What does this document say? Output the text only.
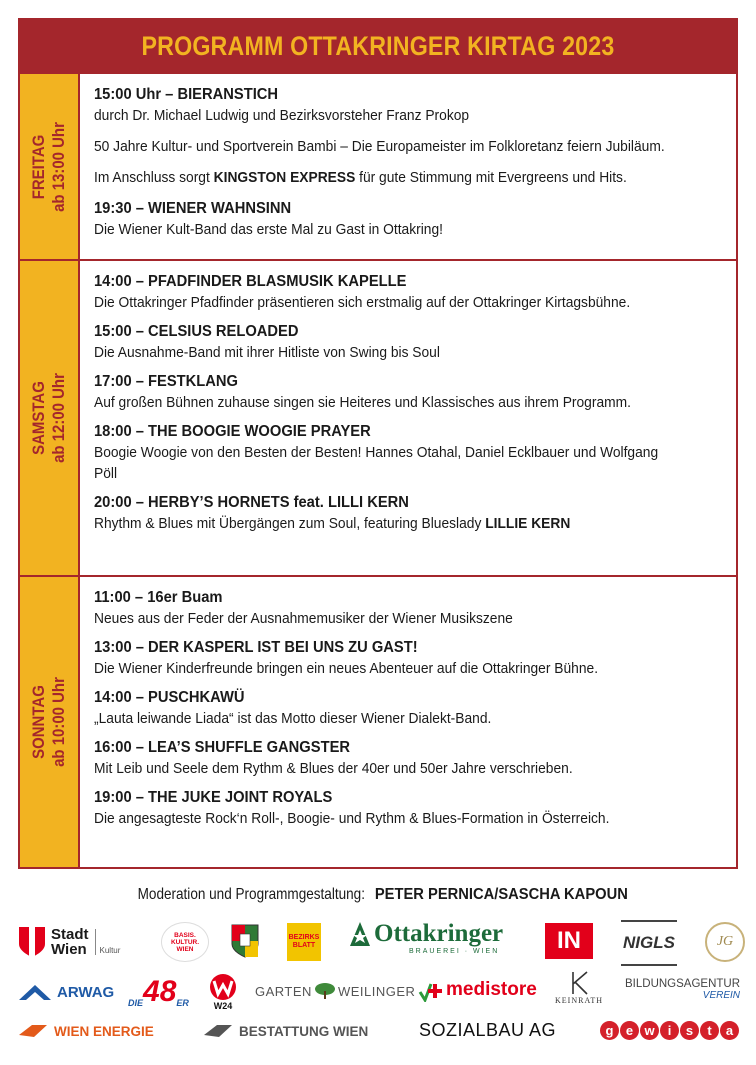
PROGRAMM OTTAKRINGER KIRTAG 2023
FREITAG ab 13:00 Uhr
15:00 Uhr – BIERANSTICH
durch Dr. Michael Ludwig und Bezirksvorsteher Franz Prokop
50 Jahre Kultur- und Sportverein Bambi – Die Europameister im Folkloretanz feiern Jubiläum.
Im Anschluss sorgt KINGSTON EXPRESS für gute Stimmung mit Evergreens und Hits.
19:30 – WIENER WAHNSINN
Die Wiener Kult-Band das erste Mal zu Gast in Ottakring!
SAMSTAG ab 12:00 Uhr
14:00 – PFADFINDER BLASMUSIK KAPELLE
Die Ottakringer Pfadfinder präsentieren sich erstmalig auf der Ottakringer Kirtagsbühne.
15:00 – CELSIUS RELOADED
Die Ausnahme-Band mit ihrer Hitliste von Swing bis Soul
17:00 – FESTKLANG
Auf großen Bühnen zuhause singen sie Heiteres und Klassisches aus ihrem Programm.
18:00 – THE BOOGIE WOOGIE PRAYER
Boogie Woogie von den Besten der Besten! Hannes Otahal, Daniel Ecklbauer und Wolfgang Pöll
20:00 – HERBY’S HORNETS feat. LILLI KERN
Rhythm & Blues mit Übergängen zum Soul, featuring Blueslady LILLIE KERN
SONNTAG ab 10:00 Uhr
11:00 – 16er Buam
Neues aus der Feder der Ausnahmemusiker der Wiener Musikszene
13:00 – DER KASPERL IST BEI UNS ZU GAST!
Die Wiener Kinderfreunde bringen ein neues Abenteuer auf die Ottakringer Bühne.
14:00 – PUSCHKAWÜ
„Lauta leiwande Liada“ ist das Motto dieser Wiener Dialekt-Band.
16:00 – LEA’S SHUFFLE GANGSTER
Mit Leib und Seele dem Rythm & Blues der 40er und 50er Jahre verschrieben.
19:00 – THE JUKE JOINT ROYALS
Die angesagteste Rock‘n Roll-, Boogie- und Rythm & Blues-Formation in Österreich.
Moderation und Programmgestaltung:PETER PERNICA/SASCHA KAPOUN
Stadt
Wien	Kultur
BASIS. KULTUR. WIEN
BEZIRKS BLATT Ottakringer
BRAUEREI · WIEN IN NIGLS	JG
ARWAG
DIE 48 ER	W24
GARTEN WEILINGER medistore
KEINRATH
BILDUNGSAGENTUR
VEREIN
WIEN ENERGIE	BESTATTUNG WIEN	SOZIALBAU AG	g e w	i	s	t	a
